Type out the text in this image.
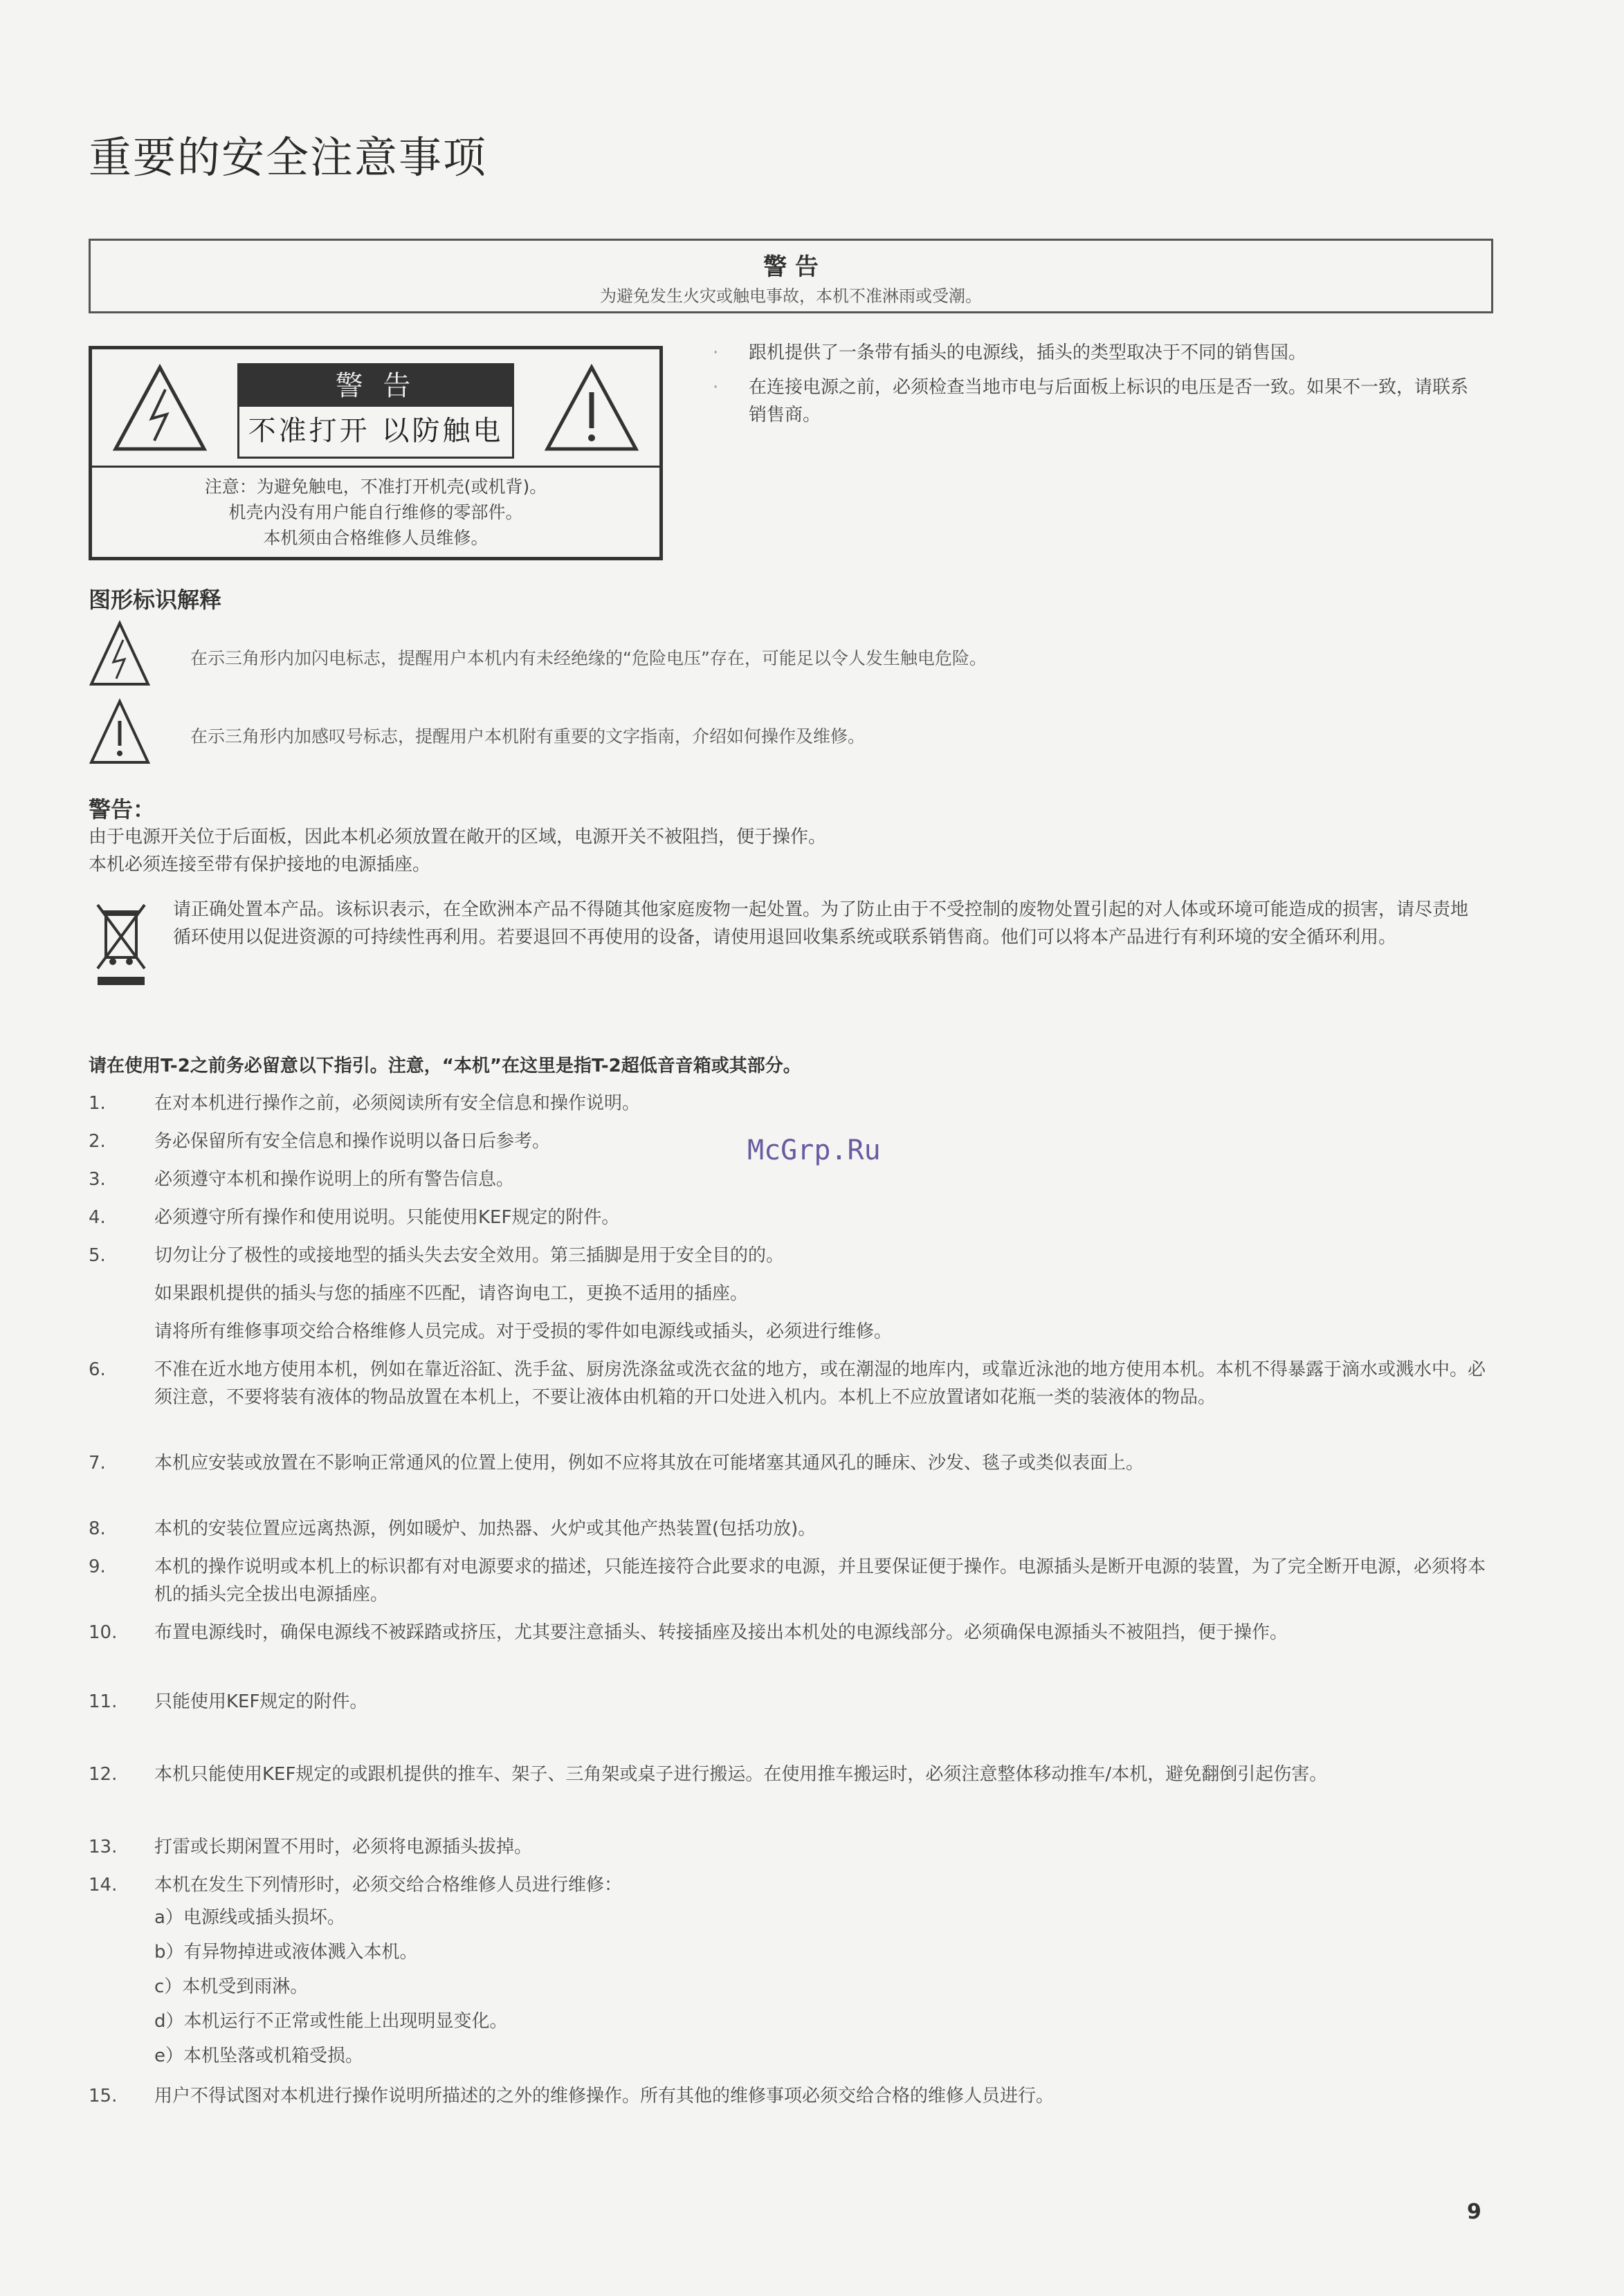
重要的安全注意事项
警 告
为避免发生火灾或触电事故，本机不准淋雨或受潮。
警 告
不准打开 以防触电
注意：为避免触电，不准打开机壳(或机背)。
机壳内没有用户能自行维修的零部件。
本机须由合格维修人员维修。
· 跟机提供了一条带有插头的电源线，插头的类型取决于不同的销售国。
· 在连接电源之前，必须检查当地市电与后面板上标识的电压是否一致。如果不一致，请联系销售商。
图形标识解释
在示三角形内加闪电标志，提醒用户本机内有未经绝缘的“危险电压”存在，可能足以令人发生触电危险。
在示三角形内加感叹号标志，提醒用户本机附有重要的文字指南，介绍如何操作及维修。
警告：
由于电源开关位于后面板，因此本机必须放置在敞开的区域，电源开关不被阻挡，便于操作。
本机必须连接至带有保护接地的电源插座。
请正确处置本产品。该标识表示，在全欧洲本产品不得随其他家庭废物一起处置。为了防止由于不受控制的废物处置引起的对人体或环境可能造成的损害，请尽责地循环使用以促进资源的可持续性再利用。若要退回不再使用的设备，请使用退回收集系统或联系销售商。他们可以将本产品进行有利环境的安全循环利用。
请在使用T-2之前务必留意以下指引。注意，“本机”在这里是指T-2超低音音箱或其部分。
1.	在对本机进行操作之前，必须阅读所有安全信息和操作说明。
2.	务必保留所有安全信息和操作说明以备日后参考。
3.	必须遵守本机和操作说明上的所有警告信息。
4.	必须遵守所有操作和使用说明。只能使用KEF规定的附件。
5.	切勿让分了极性的或接地型的插头失去安全效用。第三插脚是用于安全目的的。
如果跟机提供的插头与您的插座不匹配，请咨询电工，更换不适用的插座。
请将所有维修事项交给合格维修人员完成。对于受损的零件如电源线或插头，必须进行维修。
6.	不准在近水地方使用本机，例如在靠近浴缸、洗手盆、厨房洗涤盆或洗衣盆的地方，或在潮湿的地库内，或靠近泳池的地方使用本机。本机不得暴露于滴水或溅水中。必须注意，不要将装有液体的物品放置在本机上，不要让液体由机箱的开口处进入机内。本机上不应放置诸如花瓶一类的装液体的物品。
7.	本机应安装或放置在不影响正常通风的位置上使用，例如不应将其放在可能堵塞其通风孔的睡床、沙发、毯子或类似表面上。
8.	本机的安装位置应远离热源，例如暖炉、加热器、火炉或其他产热装置(包括功放)。
9.	本机的操作说明或本机上的标识都有对电源要求的描述，只能连接符合此要求的电源，并且要保证便于操作。电源插头是断开电源的装置，为了完全断开电源，必须将本机的插头完全拔出电源插座。
10. 布置电源线时，确保电源线不被踩踏或挤压，尤其要注意插头、转接插座及接出本机处的电源线部分。必须确保电源插头不被阻挡，便于操作。
11. 只能使用KEF规定的附件。
12. 本机只能使用KEF规定的或跟机提供的推车、架子、三角架或桌子进行搬运。在使用推车搬运时，必须注意整体移动推车/本机，避免翻倒引起伤害。
13. 打雷或长期闲置不用时，必须将电源插头拔掉。
14. 本机在发生下列情形时，必须交给合格维修人员进行维修：
a）电源线或插头损坏。
b）有异物掉进或液体溅入本机。
c）本机受到雨淋。
d）本机运行不正常或性能上出现明显变化。
e）本机坠落或机箱受损。
15. 用户不得试图对本机进行操作说明所描述的之外的维修操作。所有其他的维修事项必须交给合格的维修人员进行。
McGrp.Ru
9
